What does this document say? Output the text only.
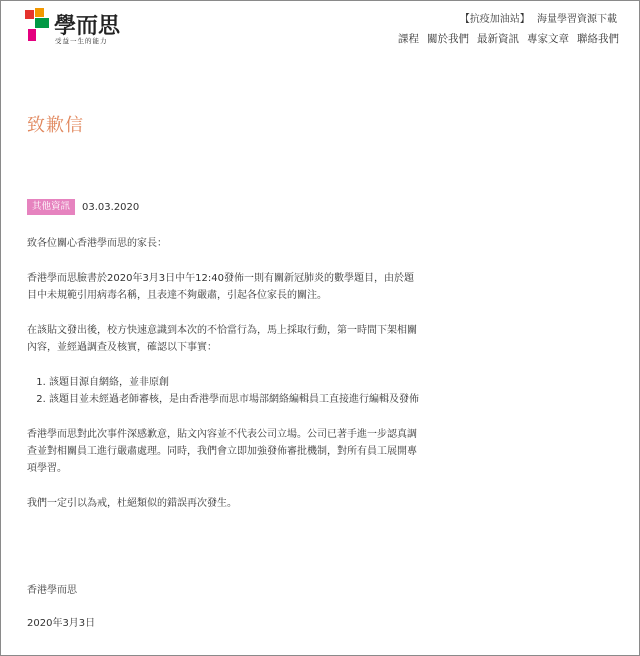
學而思
受益一生的能力
【抗疫加油站】 海量學習資源下載
課程 關於我們 最新資訊 專家文章 聯絡我們
致歉信
其他資訊	03.03.2020

致各位關心香港學而思的家長：

香港學而思臉書於2020年3月3日中午12:40發佈一則有關新冠肺炎的數學題目，由於題目中未規範引用病毒名稱，且表達不夠嚴肅，引起各位家長的關注。

在該貼文發出後，校方快速意識到本次的不恰當行為，馬上採取行動，第一時間下架相關內容，並經過調查及核實，確認以下事實：

1. 該題目源自網絡，並非原創
2. 該題目並未經過老師審核，是由香港學而思市場部網絡編輯員工直接進行編輯及發佈

香港學而思對此次事件深感歉意，貼文內容並不代表公司立場。公司已著手進一步認真調查並對相關員工進行嚴肅處理。同時，我們會立即加強發佈審批機制，對所有員工展開專項學習。

我們一定引以為戒，杜絕類似的錯誤再次發生。

香港學而思
2020年3月3日
